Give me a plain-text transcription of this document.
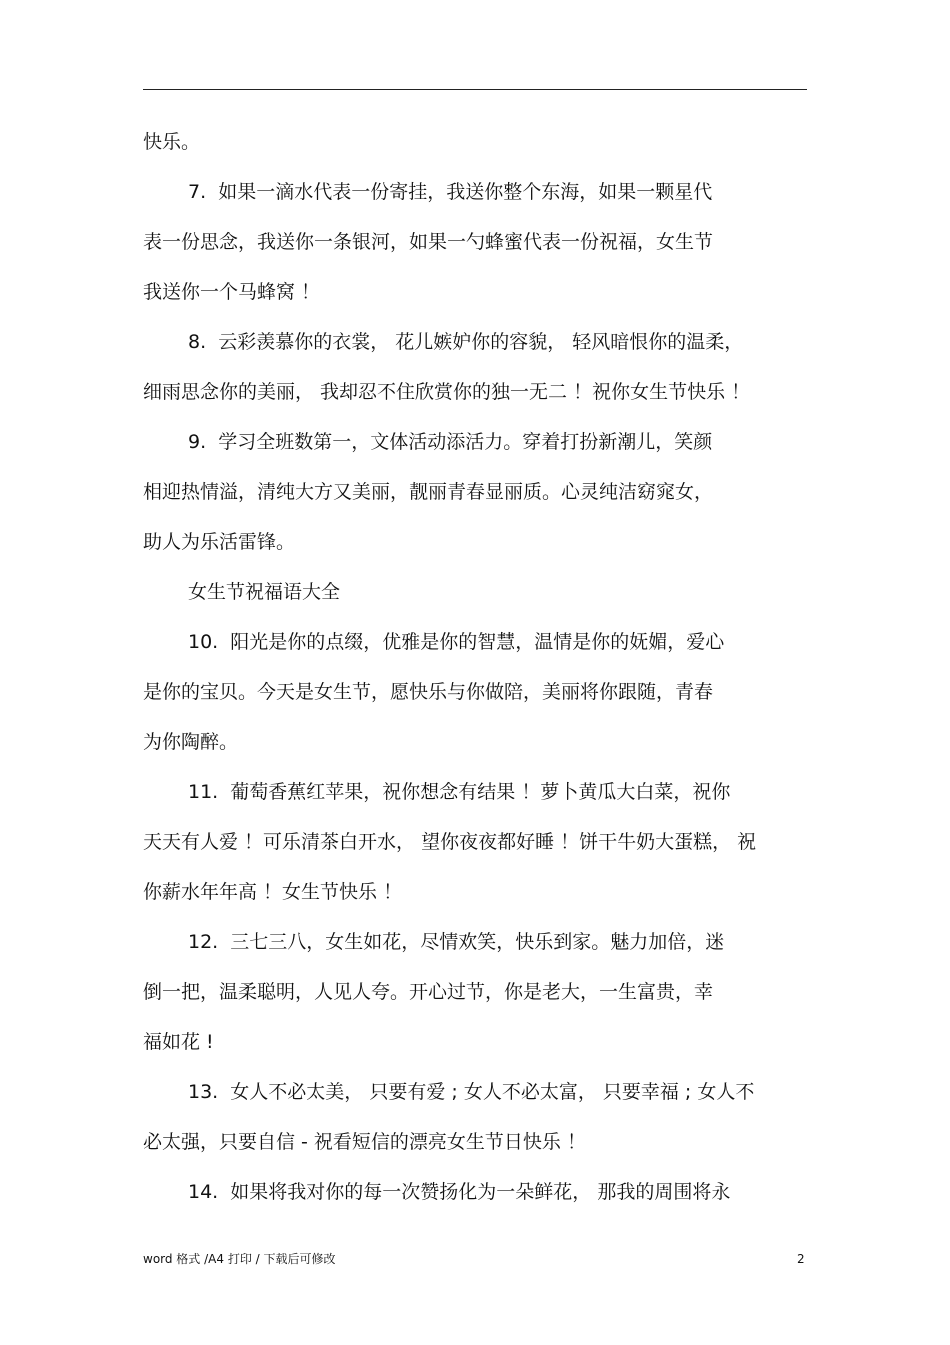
快乐。
7.  如果一滴水代表一份寄挂，我送你整个东海，如果一颗星代
表一份思念，我送你一条银河，如果一勺蜂蜜代表一份祝福，女生节
我送你一个马蜂窝 ！
8.  云彩羡慕你的衣裳， 花儿嫉妒你的容貌， 轻风暗恨你的温柔，
细雨思念你的美丽， 我却忍不住欣赏你的独一无二 ！祝你女生节快乐 ！
9.  学习全班数第一，文体活动添活力。穿着打扮新潮儿，笑颜
相迎热情溢，清纯大方又美丽，靓丽青春显丽质。心灵纯洁窈窕女，
助人为乐活雷锋。
女生节祝福语大全
10.  阳光是你的点缀，优雅是你的智慧，温情是你的妩媚，爱心
是你的宝贝。今天是女生节，愿快乐与你做陪，美丽将你跟随，青春
为你陶醉。
11.  葡萄香蕉红苹果，祝你想念有结果 ！萝卜黄瓜大白菜，祝你
天天有人爱 ！可乐清茶白开水， 望你夜夜都好睡 ！饼干牛奶大蛋糕， 祝
你薪水年年高 ！女生节快乐 ！
12.  三七三八，女生如花，尽情欢笑，快乐到家。魅力加倍，迷
倒一把，温柔聪明，人见人夸。开心过节，你是老大，一生富贵，幸
福如花 !
13.  女人不必太美， 只要有爱 ; 女人不必太富， 只要幸福 ; 女人不
必太强，只要自信 - 祝看短信的漂亮女生节日快乐 ！
14.  如果将我对你的每一次赞扬化为一朵鲜花， 那我的周围将永
word 格式 /A4 打印 / 下载后可修改	2
